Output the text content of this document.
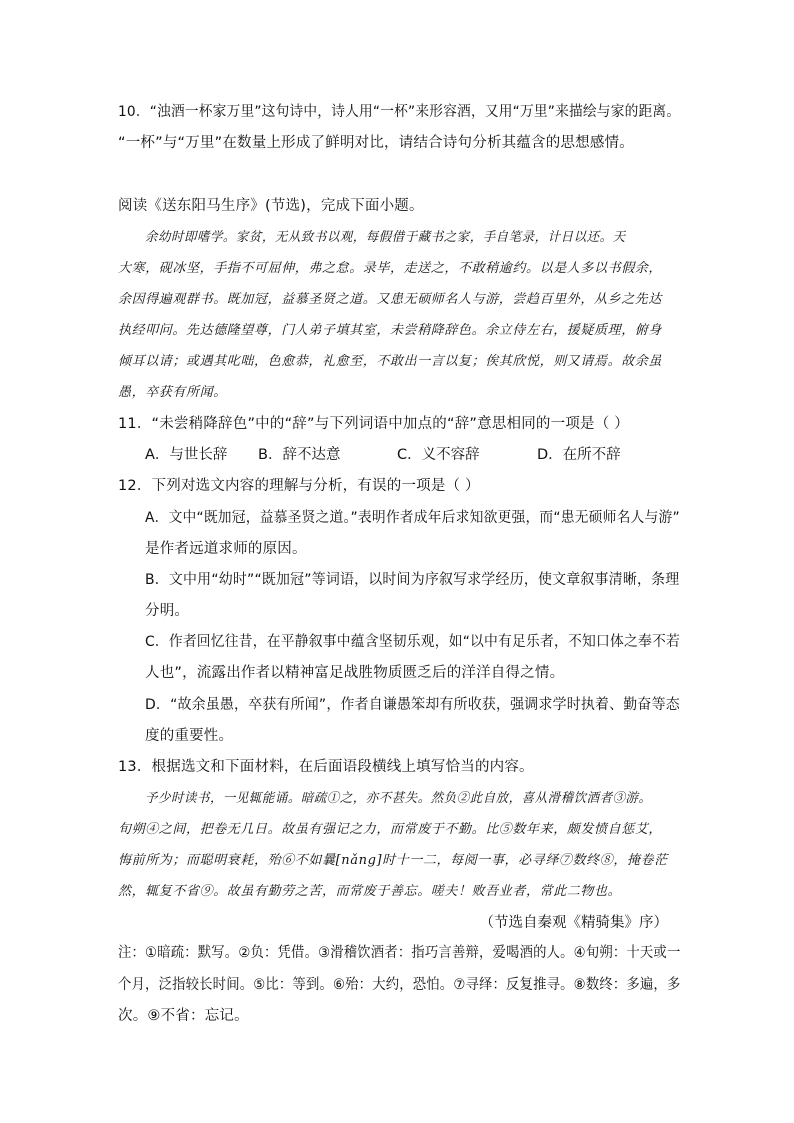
10．“浊酒一杯家万里”这句诗中，诗人用“一杯”来形容酒，又用“万里”来描绘与家的距离。
“一杯”与“万里”在数量上形成了鲜明对比，请结合诗句分析其蕴含的思想感情。
阅读《送东阳马生序》(节选)，完成下面小题。
余幼时即嗜学。家贫，无从致书以观，每假借于藏书之家，手自笔录，计日以还。天
大寒，砚冰坚，手指不可屈伸，弗之怠。录毕，走送之，不敢稍逾约。以是人多以书假余，
余因得遍观群书。既加冠，益慕圣贤之道。又患无硕师名人与游，尝趋百里外，从乡之先达
执经叩问。先达德隆望尊，门人弟子填其室，未尝稍降辞色。余立侍左右，援疑质理，俯身
倾耳以请；或遇其叱咄，色愈恭，礼愈至，不敢出一言以复；俟其欣悦，则又请焉。故余虽
愚，卒获有所闻。
11．“未尝稍降辞色”中的“辞”与下列词语中加点的“辞”意思相同的一项是（ ）
A．与世长辞 B．辞不达意	C．义不容辞	D．在所不辞
12．下列对选文内容的理解与分析，有误的一项是（ ）
A．文中“既加冠，益慕圣贤之道。”表明作者成年后求知欲更强，而“患无硕师名人与游”
是作者远道求师的原因。
B．文中用“幼时”“既加冠”等词语，以时间为序叙写求学经历，使文章叙事清晰，条理
分明。
C．作者回忆往昔，在平静叙事中蕴含坚韧乐观，如“以中有足乐者，不知口体之奉不若
人也”，流露出作者以精神富足战胜物质匮乏后的洋洋自得之情。
D．“故余虽愚，卒获有所闻”，作者自谦愚笨却有所收获，强调求学时执着、勤奋等态
度的重要性。
13．根据选文和下面材料，在后面语段横线上填写恰当的内容。
予少时读书，一见辄能诵。暗疏①之，亦不甚失。然负②此自放，喜从滑稽饮酒者③游。
旬朔④之间，把卷无几日。故虽有强记之力，而常废于不勤。比⑤数年来，颇发愤自惩艾，
悔前所为；而聪明衰耗，殆⑥不如曩[nǎng]时十一二，每阅一事，必寻绎⑦数终⑧，掩卷茫
然，辄复不省⑨。故虽有勤劳之苦，而常废于善忘。嗟夫！败吾业者，常此二物也。
（节选自秦观《精骑集》序）
注：①暗疏：默写。②负：凭借。③滑稽饮酒者：指巧言善辩，爱喝酒的人。④旬朔：十天或一
个月，泛指较长时间。⑤比：等到。⑥殆：大约，恐怕。⑦寻绎：反复推寻。⑧数终：多遍，多
次。⑨不省：忘记。
